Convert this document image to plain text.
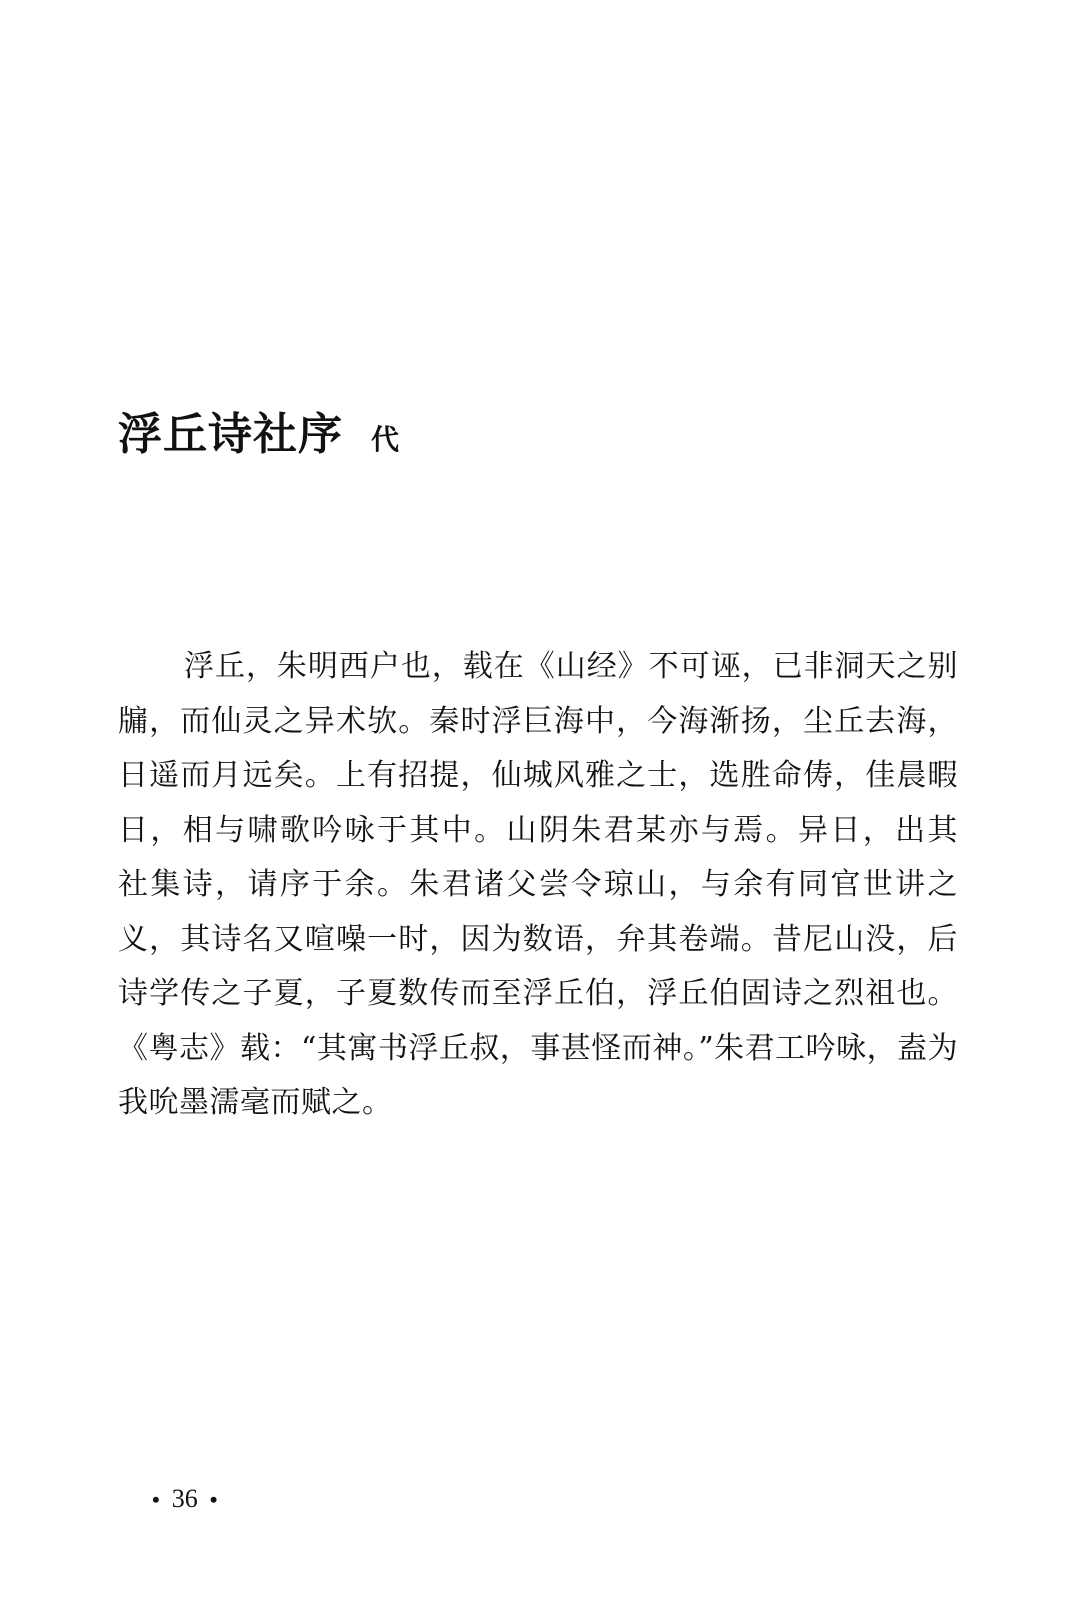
浮丘诗社序 代
浮丘，朱明西户也，载在《山经》不可诬，已非洞天之别
牖，而仙灵之异术欤。秦时浮巨海中，今海渐扬，尘丘去海，
日遥而月远矣。上有招提，仙城风雅之士，选胜命俦，佳晨暇
日，相与啸歌吟咏于其中。山阴朱君某亦与焉。异日，出其
社集诗，请序于余。朱君诸父尝令琼山，与余有同官世讲之
义，其诗名又喧噪一时，因为数语，弁其卷端。昔尼山没，后
诗学传之子夏，子夏数传而至浮丘伯，浮丘伯固诗之烈祖也。
《粤志》载：“其寓书浮丘叔，事甚怪而神。”朱君工吟咏，盍为
我吮墨濡毫而赋之。
• 36 •
